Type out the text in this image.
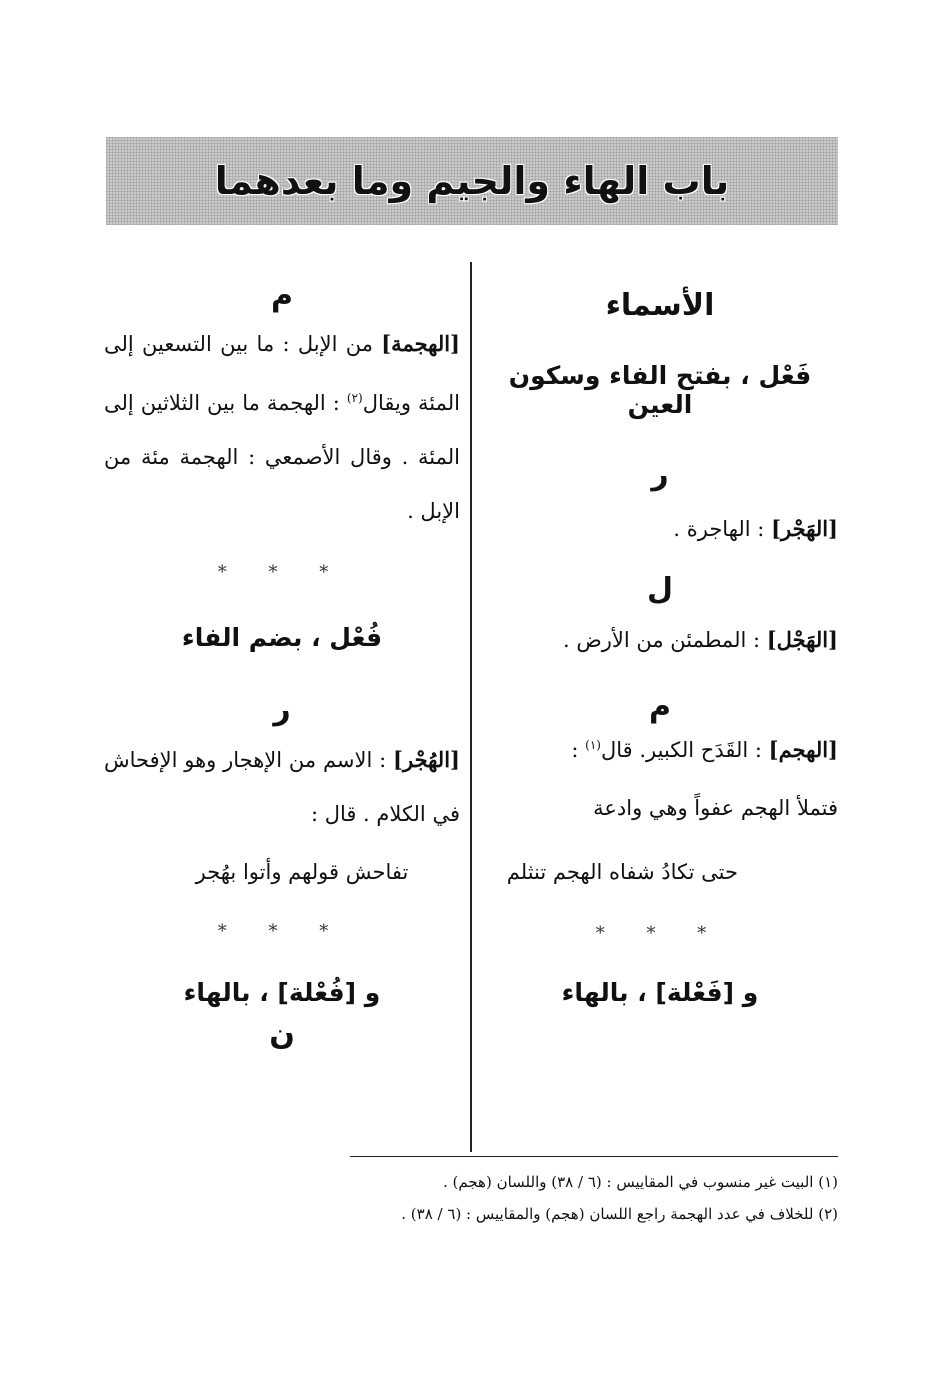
باب الهاء والجيم وما بعدهما

الأسماء

فَعْل ، بفتح الفاء وسكون العين

ر

[الهَجْر] : الهاجرة .

ل

[الهَجْل] : المطمئن من الأرض .

م

[الهجم] : القَدَح الكبير. قال$^{(١)}$ :

فتملأ الهجم عفواً وهي وادعة

حتى تكادُ شفاه الهجم تنثلم

* * *

و [فَعْلة] ، بالهاء

م

[الهجمة] من الإبل : ما بين التسعين إلى المئة ويقال$^{(٢)}$ : الهجمة ما بين الثلاثين إلى المئة . وقال الأصمعي : الهجمة مئة من الإبل .

* * *

فُعْل ، بضم الفاء

ر

[الهُجْر] : الاسم من الإهجار وهو الإفحاش في الكلام . قال :

تفاحش قولهم وأتوا بهُجر

* * *

و [فُعْلة] ، بالهاء

ن

(١) البيت غير منسوب في المقاييس : (٦ / ٣٨) واللسان (هجم) .

(٢) للخلاف في عدد الهجمة راجع اللسان (هجم) والمقاييس : (٦ / ٣٨) .
